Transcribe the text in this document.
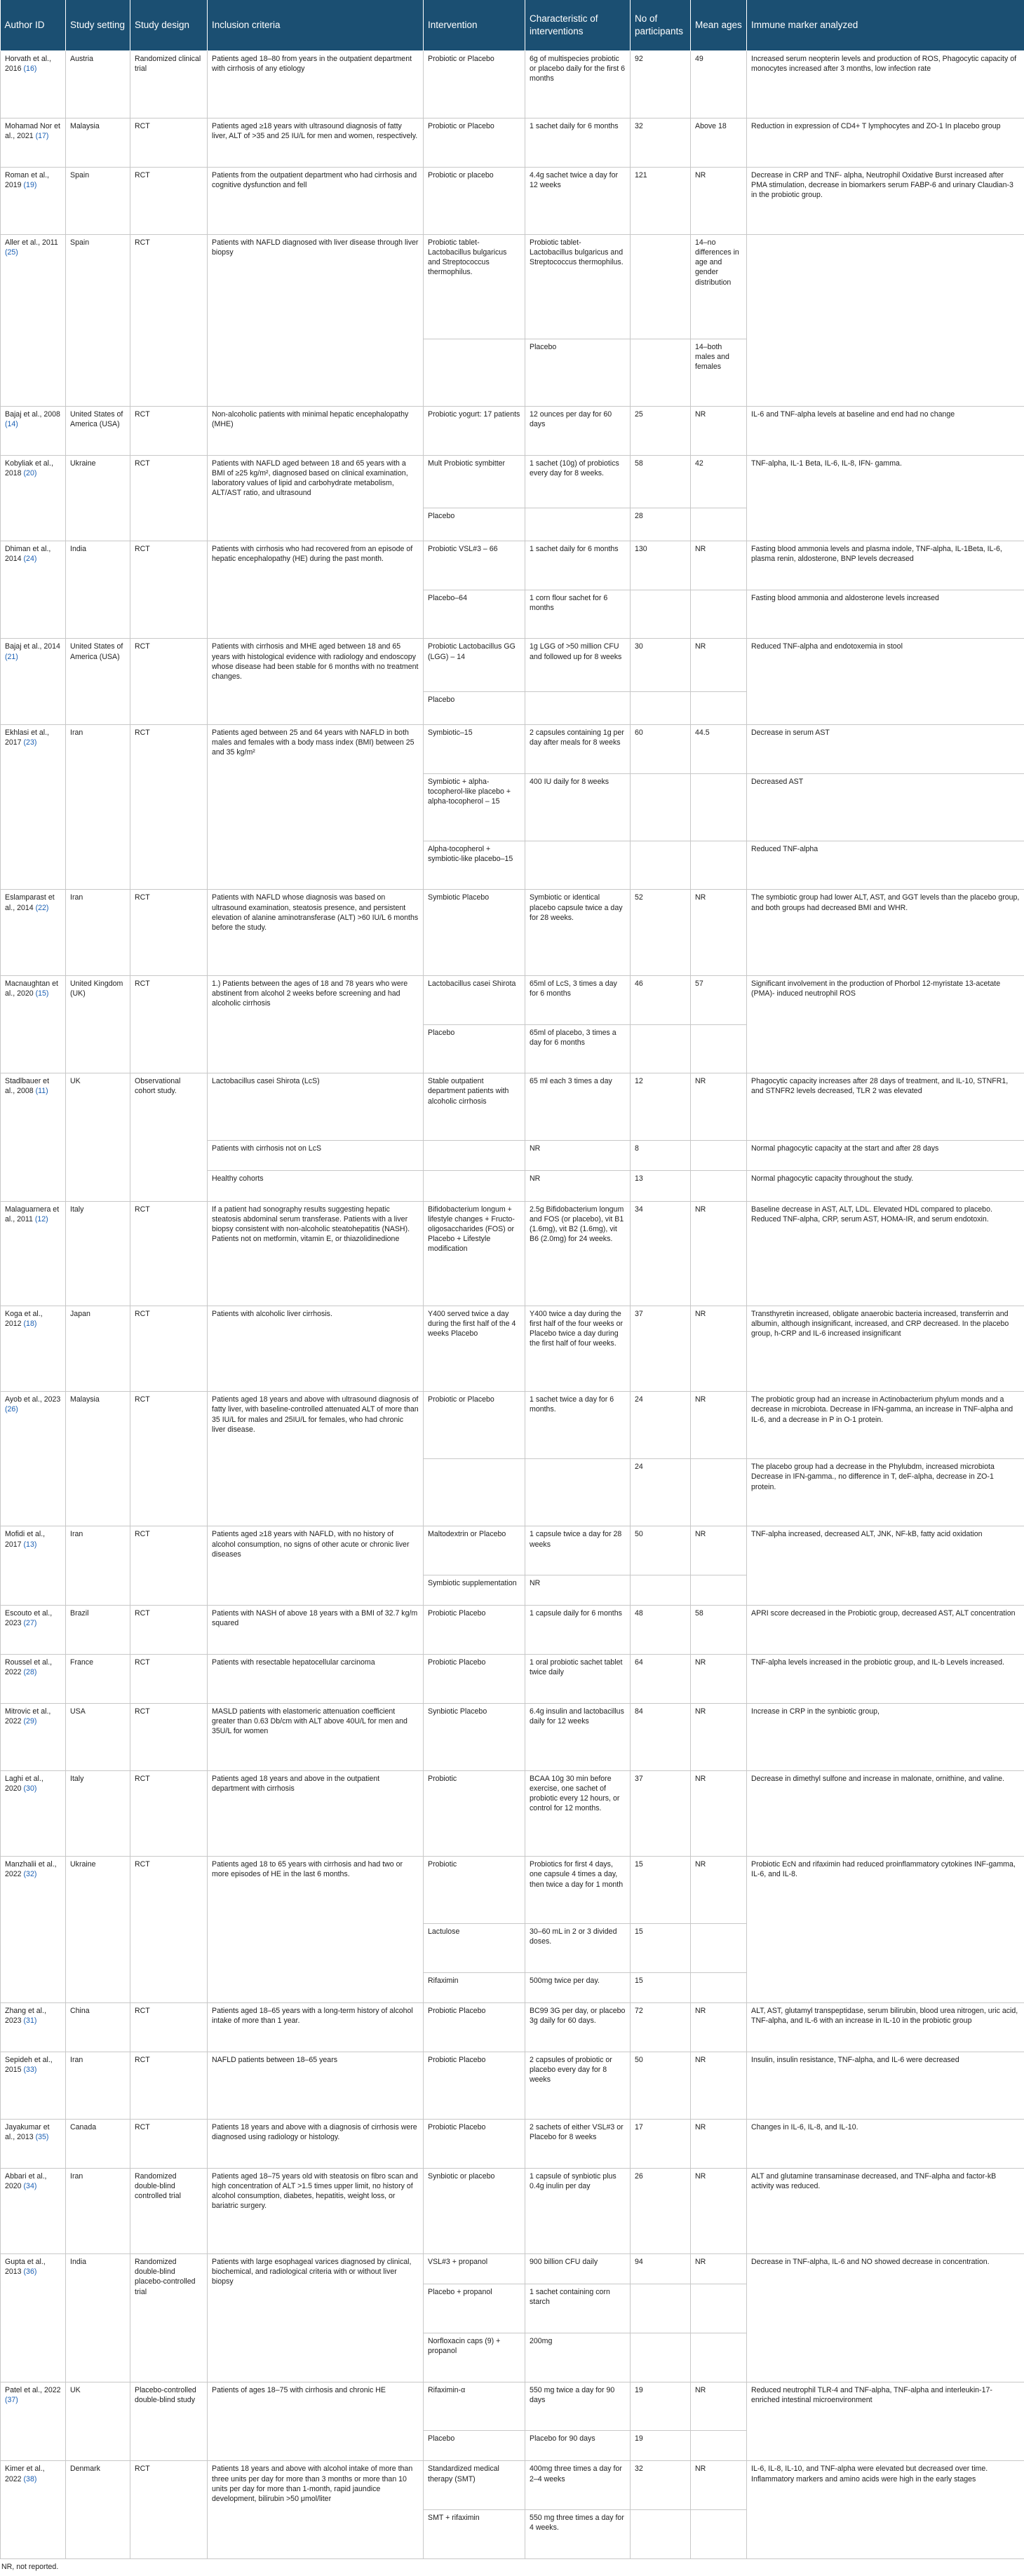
Author ID	Study setting	Study design	Inclusion criteria	Intervention	Characteristic of interventions	No of participants	Mean ages	Immune marker analyzed
Horvath et al., 2016 (16)	Austria	Randomized clinical trial	Patients aged 18–80 from years in the outpatient department with cirrhosis of any etiology	Probiotic or Placebo	6g of multispecies probiotic or placebo daily for the first 6 months	92	49	Increased serum neopterin levels and production of ROS, Phagocytic capacity of monocytes increased after 3 months, low infection rate
Mohamad Nor et al., 2021 (17)	Malaysia	RCT	Patients aged ≥18 years with ultrasound diagnosis of fatty liver, ALT of >35 and 25 IU/L for men and women, respectively.	Probiotic or Placebo	1 sachet daily for 6 months	32	Above 18	Reduction in expression of CD4+ T lymphocytes and ZO-1 In placebo group
Roman et al., 2019 (19)	Spain	RCT	Patients from the outpatient department who had cirrhosis and cognitive dysfunction and fell	Probiotic or placebo	4.4g sachet twice a day for 12 weeks	121	NR	Decrease in CRP and TNF- alpha, Neutrophil Oxidative Burst increased after PMA stimulation, decrease in biomarkers serum FABP-6 and urinary Claudian-3 in the probiotic group.
Aller et al., 2011 (25)	Spain	RCT	Patients with NAFLD diagnosed with liver disease through liver biopsy	Probiotic tablet- Lactobacillus bulgaricus and Streptococcus thermophilus.	Probiotic tablet- Lactobacillus bulgaricus and Streptococcus thermophilus.		14–no differences in age and gender distribution	
					Placebo		14–both males and females	
Bajaj et al., 2008 (14)	United States of America (USA)	RCT	Non-alcoholic patients with minimal hepatic encephalopathy (MHE)	Probiotic yogurt: 17 patients	12 ounces per day for 60 days	25	NR	IL-6 and TNF-alpha levels at baseline and end had no change
Kobyliak et al., 2018 (20)	Ukraine	RCT	Patients with NAFLD aged between 18 and 65 years with a BMI of ≥25 kg/m², diagnosed based on clinical examination, laboratory values of lipid and carbohydrate metabolism, ALT/AST ratio, and ultrasound	Mult Probiotic symbitter	1 sachet (10g) of probiotics every day for 8 weeks.	58	42	TNF-alpha, IL-1 Beta, IL-6, IL-8, IFN- gamma.
				Placebo		28		
Dhiman et al., 2014 (24)	India	RCT	Patients with cirrhosis who had recovered from an episode of hepatic encephalopathy (HE) during the past month.	Probiotic VSL#3 – 66	1 sachet daily for 6 months	130	NR	Fasting blood ammonia levels and plasma indole, TNF-alpha, IL-1Beta, IL-6, plasma renin, aldosterone, BNP levels decreased
				Placebo–64	1 corn flour sachet for 6 months			Fasting blood ammonia and aldosterone levels increased
Bajaj et al., 2014 (21)	United States of America (USA)	RCT	Patients with cirrhosis and MHE aged between 18 and 65 years with histological evidence with radiology and endoscopy whose disease had been stable for 6 months with no treatment changes.	Probiotic Lactobacillus GG (LGG) – 14	1g LGG of >50 million CFU and followed up for 8 weeks	30	NR	Reduced TNF-alpha and endotoxemia in stool
				Placebo				
Ekhlasi et al., 2017 (23)	Iran	RCT	Patients aged between 25 and 64 years with NAFLD in both males and females with a body mass index (BMI) between 25 and 35 kg/m²	Symbiotic–15	2 capsules containing 1g per day after meals for 8 weeks	60	44.5	Decrease in serum AST
				Symbiotic + alpha-tocopherol-like placebo + alpha-tocopherol – 15	400 IU daily for 8 weeks			Decreased AST
				Alpha-tocopherol + symbiotic-like placebo–15				Reduced TNF-alpha
Eslamparast et al., 2014 (22)	Iran	RCT	Patients with NAFLD whose diagnosis was based on ultrasound examination, steatosis presence, and persistent elevation of alanine aminotransferase (ALT) >60 IU/L 6 months before the study.	Symbiotic Placebo	Symbiotic or identical placebo capsule twice a day for 28 weeks.	52	NR	The symbiotic group had lower ALT, AST, and GGT levels than the placebo group, and both groups had decreased BMI and WHR.
Macnaughtan et al., 2020 (15)	United Kingdom (UK)	RCT	1.) Patients between the ages of 18 and 78 years who were abstinent from alcohol 2 weeks before screening and had alcoholic cirrhosis	Lactobacillus casei Shirota	65ml of LcS, 3 times a day for 6 months	46	57	Significant involvement in the production of Phorbol 12-myristate 13-acetate (PMA)- induced neutrophil ROS
				Placebo	65ml of placebo, 3 times a day for 6 months			
Stadlbauer et al., 2008 (11)	UK	Observational cohort study.	Lactobacillus casei Shirota (LcS)	Stable outpatient department patients with alcoholic cirrhosis	65 ml each 3 times a day	12	NR	Phagocytic capacity increases after 28 days of treatment, and IL-10, STNFR1, and STNFR2 levels decreased, TLR 2 was elevated
			Patients with cirrhosis not on LcS		NR	8		Normal phagocytic capacity at the start and after 28 days
			Healthy cohorts		NR	13		Normal phagocytic capacity throughout the study.
Malaguarnera et al., 2011 (12)	Italy	RCT	If a patient had sonography results suggesting hepatic steatosis abdominal serum transferase. Patients with a liver biopsy consistent with non-alcoholic steatohepatitis (NASH). Patients not on metformin, vitamin E, or thiazolidinedione	Bifidobacterium longum + lifestyle changes + Fructo-oligosaccharides (FOS) or Placebo + Lifestyle modification	2.5g Bifidobacterium longum and FOS (or placebo), vit B1 (1.6mg), vit B2 (1.6mg), vit B6 (2.0mg) for 24 weeks.	34	NR	Baseline decrease in AST, ALT, LDL. Elevated HDL compared to placebo. Reduced TNF-alpha, CRP, serum AST, HOMA-IR, and serum endotoxin.
Koga et al., 2012 (18)	Japan	RCT	Patients with alcoholic liver cirrhosis.	Y400 served twice a day during the first half of the 4 weeks Placebo	Y400 twice a day during the first half of the four weeks or Placebo twice a day during the first half of four weeks.	37	NR	Transthyretin increased, obligate anaerobic bacteria increased, transferrin and albumin, although insignificant, increased, and CRP decreased. In the placebo group, h-CRP and IL-6 increased insignificant
Ayob et al., 2023 (26)	Malaysia	RCT	Patients aged 18 years and above with ultrasound diagnosis of fatty liver, with baseline-controlled attenuated ALT of more than 35 IU/L for males and 25IU/L for females, who had chronic liver disease.	Probiotic or Placebo	1 sachet twice a day for 6 months.	24	NR	The probiotic group had an increase in Actinobacterium phylum monds and a decrease in microbiota. Decrease in IFN-gamma, an increase in TNF-alpha and IL-6, and a decrease in P in O-1 protein.
						24		The placebo group had a decrease in the Phylubdm, increased microbiota Decrease in IFN-gamma., no difference in T, deF-alpha, decrease in ZO-1 protein.
Mofidi et al., 2017 (13)	Iran	RCT	Patients aged ≥18 years with NAFLD, with no history of alcohol consumption, no signs of other acute or chronic liver diseases	Maltodextrin or Placebo	1 capsule twice a day for 28 weeks	50	NR	TNF-alpha increased, decreased ALT, JNK, NF-kB, fatty acid oxidation
				Symbiotic supplementation	NR			
Escouto et al., 2023 (27)	Brazil	RCT	Patients with NASH of above 18 years with a BMI of 32.7 kg/m squared	Probiotic Placebo	1 capsule daily for 6 months	48	58	APRI score decreased in the Probiotic group, decreased AST, ALT concentration
Roussel et al., 2022 (28)	France	RCT	Patients with resectable hepatocellular carcinoma	Probiotic Placebo	1 oral probiotic sachet tablet twice daily	64	NR	TNF-alpha levels increased in the probiotic group, and IL-b Levels increased.
Mitrovic et al., 2022 (29)	USA	RCT	MASLD patients with elastomeric attenuation coefficient greater than 0.63 Db/cm with ALT above 40U/L for men and 35U/L for women	Synbiotic Placebo	6.4g insulin and lactobacillus daily for 12 weeks	84	NR	Increase in CRP in the synbiotic group,
Laghi et al., 2020 (30)	Italy	RCT	Patients aged 18 years and above in the outpatient department with cirrhosis	Probiotic	BCAA 10g 30 min before exercise, one sachet of probiotic every 12 hours, or control for 12 months.	37	NR	Decrease in dimethyl sulfone and increase in malonate, ornithine, and valine.
Manzhalii et al., 2022 (32)	Ukraine	RCT	Patients aged 18 to 65 years with cirrhosis and had two or more episodes of HE in the last 6 months.	Probiotic	Probiotics for first 4 days, one capsule 4 times a day, then twice a day for 1 month	15	NR	Probiotic EcN and rifaximin had reduced proinflammatory cytokines INF-gamma, IL-6, and IL-8.
				Lactulose	30–60 mL in 2 or 3 divided doses.	15		
				Rifaximin	500mg twice per day.	15		
Zhang et al., 2023 (31)	China	RCT	Patients aged 18–65 years with a long-term history of alcohol intake of more than 1 year.	Probiotic Placebo	BC99 3G per day, or placebo 3g daily for 60 days.	72	NR	ALT, AST, glutamyl transpeptidase, serum bilirubin, blood urea nitrogen, uric acid, TNF-alpha, and IL-6 with an increase in IL-10 in the probiotic group
Sepideh et al., 2015 (33)	Iran	RCT	NAFLD patients between 18–65 years	Probiotic Placebo	2 capsules of probiotic or placebo every day for 8 weeks	50	NR	Insulin, insulin resistance, TNF-alpha, and IL-6 were decreased
Jayakumar et al., 2013 (35)	Canada	RCT	Patients 18 years and above with a diagnosis of cirrhosis were diagnosed using radiology or histology.	Probiotic Placebo	2 sachets of either VSL#3 or Placebo for 8 weeks	17	NR	Changes in IL-6, IL-8, and IL-10.
Abbari et al., 2020 (34)	Iran	Randomized double-blind controlled trial	Patients aged 18–75 years old with steatosis on fibro scan and high concentration of ALT >1.5 times upper limit, no history of alcohol consumption, diabetes, hepatitis, weight loss, or bariatric surgery.	Synbiotic or placebo	1 capsule of synbiotic plus 0.4g inulin per day	26	NR	ALT and glutamine transaminase decreased, and TNF-alpha and factor-kB activity was reduced.
Gupta et al., 2013 (36)	India	Randomized double-blind placebo-controlled trial	Patients with large esophageal varices diagnosed by clinical, biochemical, and radiological criteria with or without liver biopsy	VSL#3 + propanol	900 billion CFU daily	94	NR	Decrease in TNF-alpha, IL-6 and NO showed decrease in concentration.
				Placebo + propanol	1 sachet containing corn starch			
				Norfloxacin caps (9) + propanol	200mg			
Patel et al., 2022 (37)	UK	Placebo-controlled double-blind study	Patients of ages 18–75 with cirrhosis and chronic HE	Rifaximin-α	550 mg twice a day for 90 days	19	NR	Reduced neutrophil TLR-4 and TNF-alpha, TNF-alpha and interleukin-17-enriched intestinal microenvironment
				Placebo	Placebo for 90 days	19		
Kimer et al., 2022 (38)	Denmark	RCT	Patients 18 years and above with alcohol intake of more than three units per day for more than 3 months or more than 10 units per day for more than 1-month, rapid jaundice development, bilirubin >50 μmol/liter	Standardized medical therapy (SMT)	400mg three times a day for 2–4 weeks	32	NR	IL-6, IL-8, IL-10, and TNF-alpha were elevated but decreased over time. Inflammatory markers and amino acids were high in the early stages
				SMT + rifaximin	550 mg three times a day for 4 weeks.			
NR, not reported.
